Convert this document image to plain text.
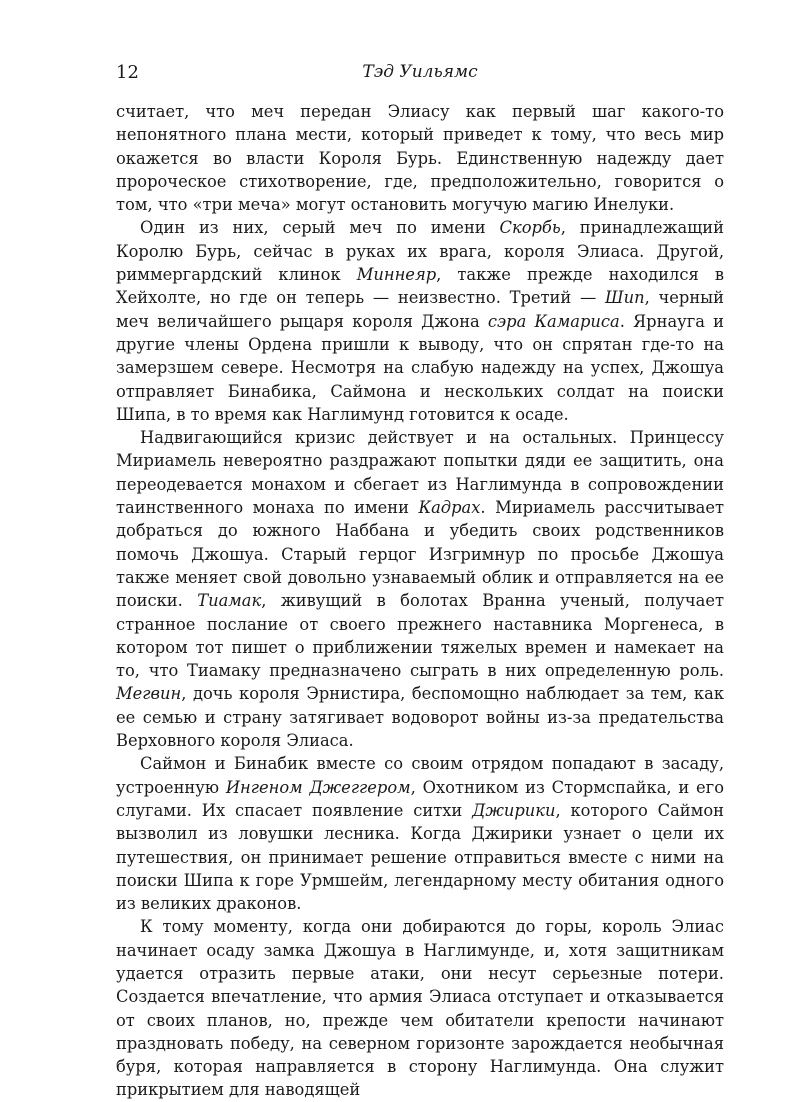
12	Тэд Уильямс

считает, что меч передан Элиасу как первый шаг какого-то непонятного плана мести, который приведет к тому, что весь мир окажется во власти Короля Бурь. Единственную надежду дает пророческое стихотворение, где, предположительно, говорится о том, что «три меча» могут остановить могучую магию Инелуки.

Один из них, серый меч по имени Скорбь, принадлежащий Королю Бурь, сейчас в руках их врага, короля Элиаса. Другой, риммергардский клинок Миннеяр, также прежде находился в Хейхолте, но где он теперь — неизвестно. Третий — Шип, черный меч величайшего рыцаря короля Джона сэра Камариса. Ярнауга и другие члены Ордена пришли к выводу, что он спрятан где-то на замерзшем севере. Несмотря на слабую надежду на успех, Джошуа отправляет Бинабика, Саймона и нескольких солдат на поиски Шипа, в то время как Наглимунд готовится к осаде.

Надвигающийся кризис действует и на остальных. Принцессу Мириамель невероятно раздражают попытки дяди ее защитить, она переодевается монахом и сбегает из Наглимунда в сопровождении таинственного монаха по имени Кадрах. Мириамель рассчитывает добраться до южного Наббана и убедить своих родственников помочь Джошуа. Старый герцог Изгримнур по просьбе Джошуа также меняет свой довольно узнаваемый облик и отправляется на ее поиски. Тиамак, живущий в болотах Вранна ученый, получает странное послание от своего прежнего наставника Моргенеса, в котором тот пишет о приближении тяжелых времен и намекает на то, что Тиамаку предназначено сыграть в них определенную роль. Мегвин, дочь короля Эрнистира, беспомощно наблюдает за тем, как ее семью и страну затягивает водоворот войны из-за предательства Верховного короля Элиаса.

Саймон и Бинабик вместе со своим отрядом попадают в засаду, устроенную Ингеном Джеггером, Охотником из Стормспайка, и его слугами. Их спасает появление ситхи Джирики, которого Саймон вызволил из ловушки лесника. Когда Джирики узнает о цели их путешествия, он принимает решение отправиться вместе с ними на поиски Шипа к горе Урмшейм, легендарному месту обитания одного из великих драконов.

К тому моменту, когда они добираются до горы, король Элиас начинает осаду замка Джошуа в Наглимунде, и, хотя защитникам удается отразить первые атаки, они несут серьезные потери. Создается впечатление, что армия Элиаса отступает и отказывается от своих планов, но, прежде чем обитатели крепости начинают праздновать победу, на северном горизонте зарождается необычная буря, которая направляется в сторону Наглимунда. Она служит прикрытием для наводящей
